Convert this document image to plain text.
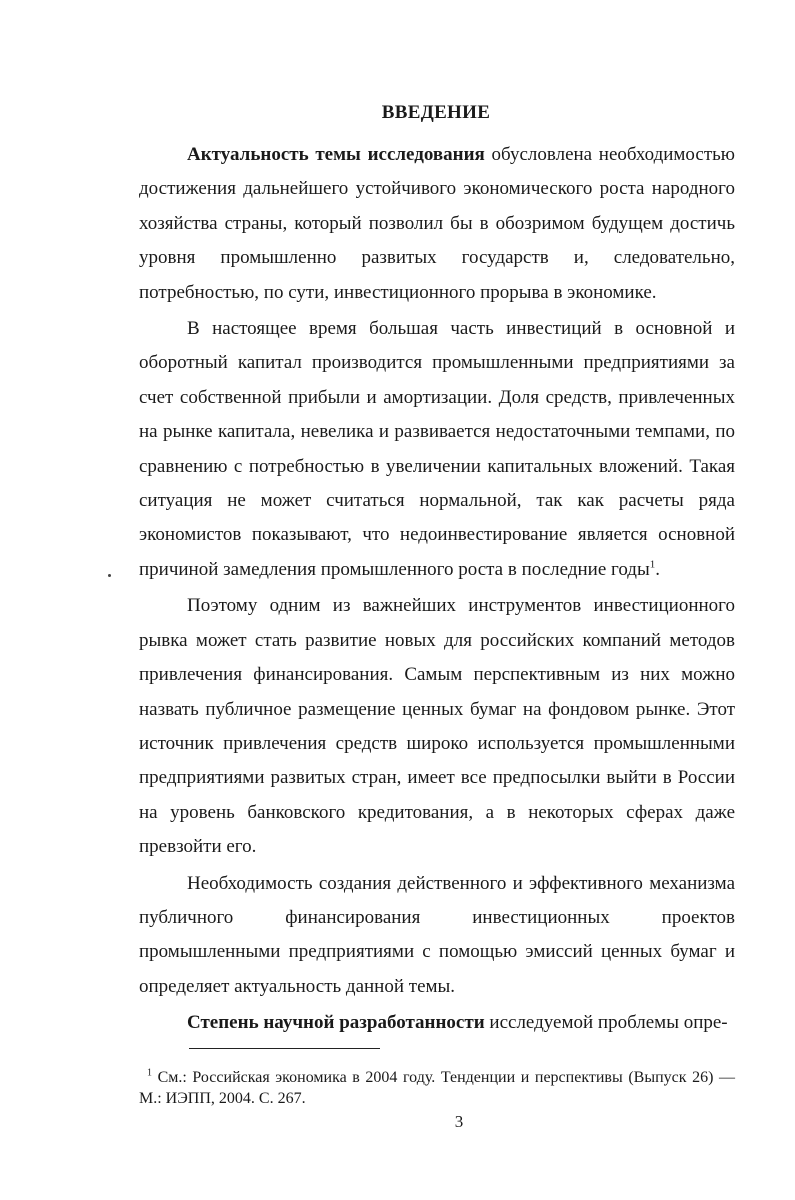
ВВЕДЕНИЕ

Актуальность темы исследования обусловлена необходимостью достижения дальнейшего устойчивого экономического роста народного хозяйства страны, который позволил бы в обозримом будущем достичь уровня промышленно развитых государств и, следовательно, потребностью, по сути, инвестиционного прорыва в экономике.

В настоящее время большая часть инвестиций в основной и оборотный капитал производится промышленными предприятиями за счет собственной прибыли и амортизации. Доля средств, привлеченных на рынке капитала, невелика и развивается недостаточными темпами, по сравнению с потребностью в увеличении капитальных вложений. Такая ситуация не может считаться нормальной, так как расчеты ряда экономистов показывают, что недоинвестирование является основной причиной замедления промышленного роста в последние годы$^1$.

Поэтому одним из важнейших инструментов инвестиционного рывка может стать развитие новых для российских компаний методов привлечения финансирования. Самым перспективным из них можно назвать публичное размещение ценных бумаг на фондовом рынке. Этот источник привлечения средств широко используется промышленными предприятиями развитых стран, имеет все предпосылки выйти в России на уровень банковского кредитования, а в некоторых сферах даже превзойти его.

Необходимость создания действенного и эффективного механизма публичного финансирования инвестиционных проектов промышленными предприятиями с помощью эмиссий ценных бумаг и определяет актуальность данной темы.

Степень научной разработанности исследуемой проблемы опре-

$^1$ См.: Российская экономика в 2004 году. Тенденции и перспективы (Выпуск 26) — М.: ИЭПП, 2004. С. 267.
3
